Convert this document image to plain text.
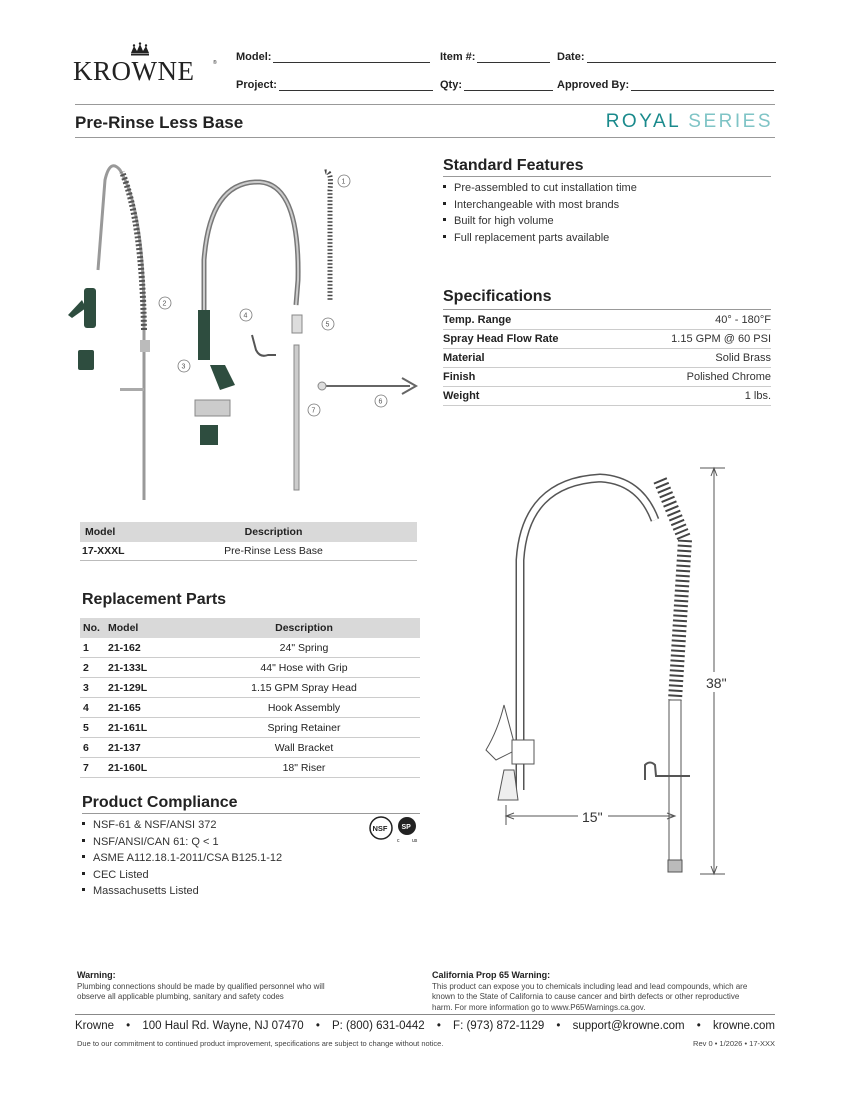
KROWNE	® Model:	Item #:	Date:
Project:	Qty:	Approved By:
Pre-Rinse Less Base	ROYAL SERIES
1
2
3
4
5
6
7
Standard Features
Pre-assembled to cut installation time
Interchangeable with most brands
Built for high volume
Full replacement parts available
Specifications
Temp. Range	40° - 180°F
Spray Head Flow Rate	1.15 GPM @ 60 PSI
Material	Solid Brass
Finish	Polished Chrome
Weight	1 lbs.
Model	Description
17-XXXL	Pre-Rinse Less Base
Replacement Parts
No. Model	Description
1	21-162	24" Spring
2	21-133L	44" Hose with Grip
3	21-129L	1.15 GPM Spray Head
4	21-165	Hook Assembly
5	21-161L	Spring Retainer
6	21-137	Wall Bracket
7	21-160L	18" Riser
Product Compliance
NSF-61 & NSF/ANSI 372
NSF/ANSI/CAN 61: Q < 1
ASME A112.18.1-2011/CSA B125.1-12
CEC Listed
Massachusetts Listed
NSF SP
c	us
38"
15"
Warning:
Plumbing connections should be made by qualified personnel who will
observe all applicable plumbing, sanitary and safety codes
California Prop 65 Warning:
This product can expose you to chemicals including lead and lead compounds, which are
known to the State of California to cause cancer and birth defects or other reproductive
harm. For more information go to www.P65Warnings.ca.gov.
Krowne • 100 Haul Rd. Wayne, NJ 07470 • P: (800) 631-0442 • F: (973) 872-1129 • support@krowne.com • krowne.com
Due to our commitment to continued product improvement, specifications are subject to change without notice.	Rev 0 • 1/2026 • 17-XXX
